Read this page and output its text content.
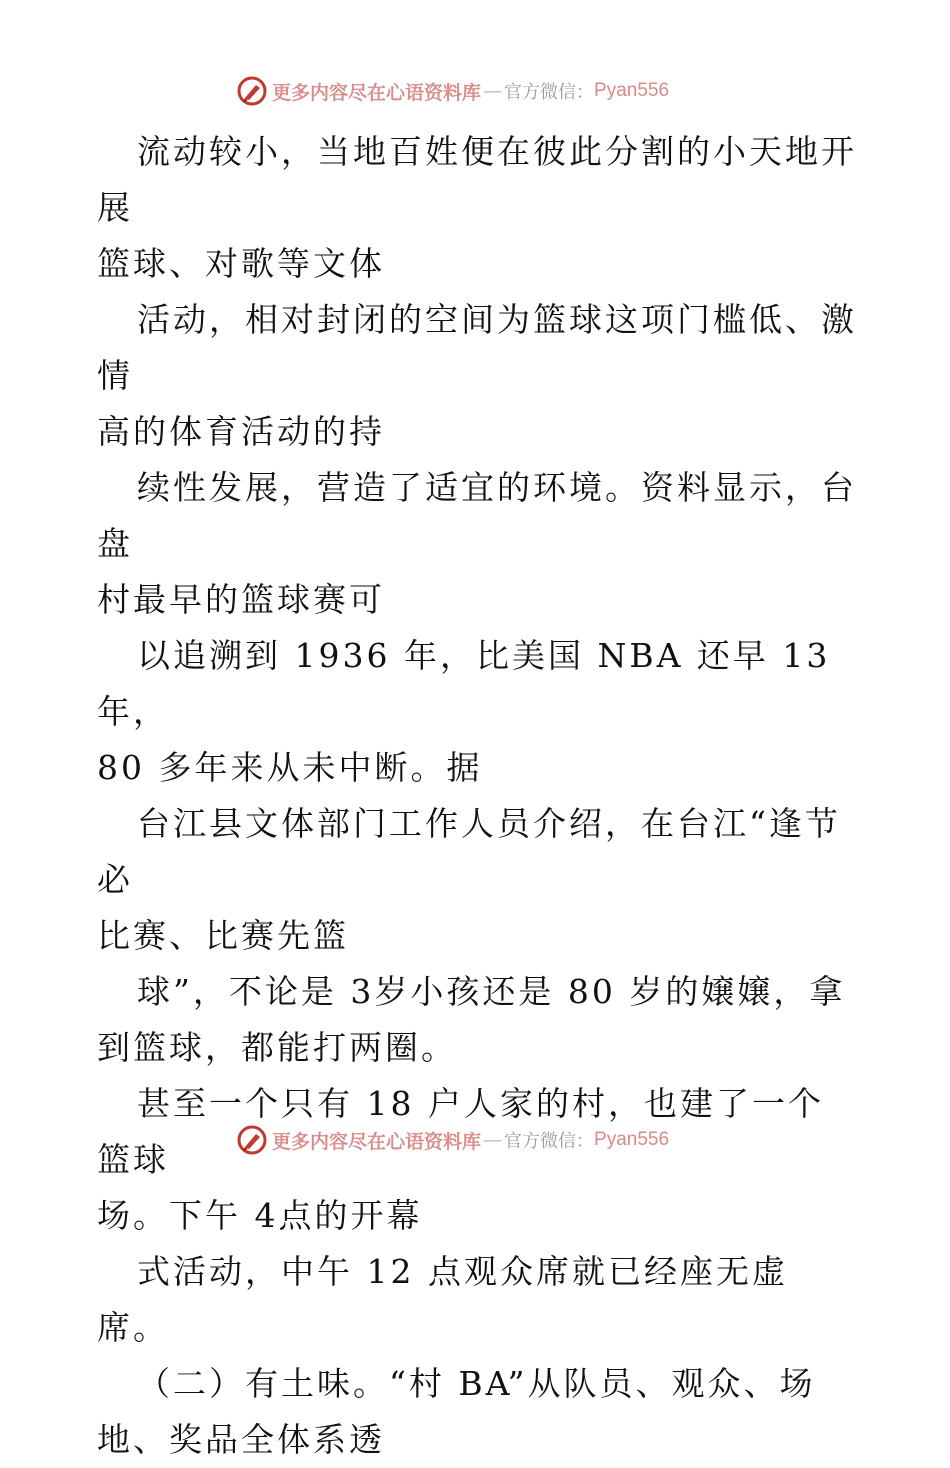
更多内容尽在心语资料库 — 官方微信： Pyan556

流动较小，当地百姓便在彼此分割的小天地开展
篮球、对歌等文体

活动，相对封闭的空间为篮球这项门槛低、激情
高的体育活动的持

续性发展，营造了适宜的环境。资料显示，台盘
村最早的篮球赛可

以追溯到 1936 年，比美国 NBA 还早 13 年，
80 多年来从未中断。据

台江县文体部门工作人员介绍，在台江“逢节必
比赛、比赛先篮

球”，不论是 3岁小孩还是 80 岁的嬢嬢，拿
到篮球，都能打两圈。

甚至一个只有 18 户人家的村，也建了一个篮球
场。下午 4点的开幕

式活动，中午 12 点观众席就已经座无虚席。

（二）有土味。“村 BA”从队员、观众、场
地、奖品全体系透

更多内容尽在心语资料库 — 官方微信： Pyan556
